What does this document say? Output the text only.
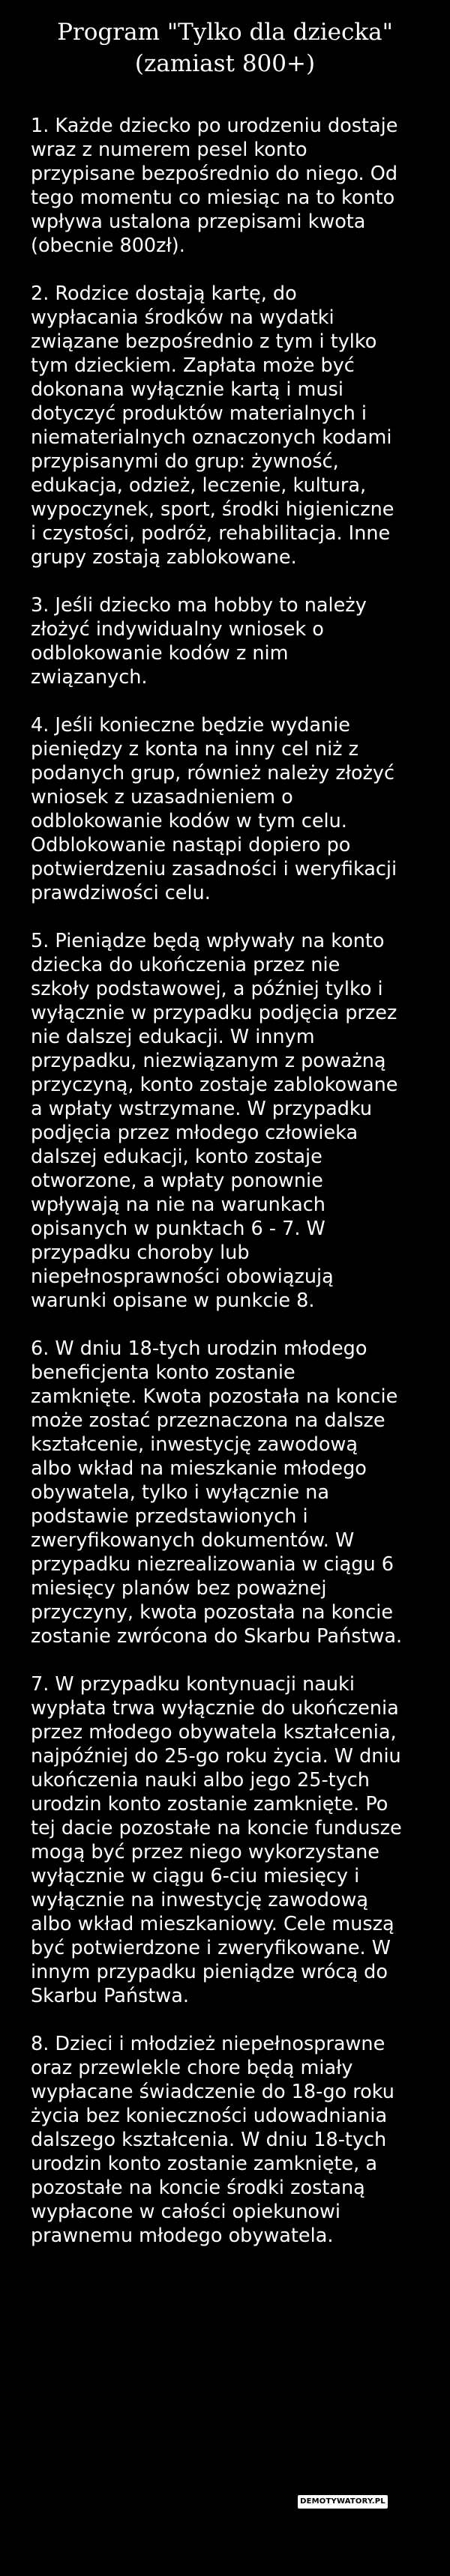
Program "Tylko dla dziecka"
(zamiast 800+)

1. Każde dziecko po urodzeniu dostaje wraz z numerem pesel konto przypisane bezpośrednio do niego. Od tego momentu co miesiąc na to konto wpływa ustalona przepisami kwota (obecnie 800zł).

2. Rodzice dostają kartę, do wypłacania środków na wydatki związane bezpośrednio z tym i tylko tym dzieckiem. Zapłata może być dokonana wyłącznie kartą i musi dotyczyć produktów materialnych i niematerialnych oznaczonych kodami przypisanymi do grup: żywność, edukacja, odzież, leczenie, kultura, wypoczynek, sport, środki higieniczne i czystości, podróż, rehabilitacja. Inne grupy zostają zablokowane.

3. Jeśli dziecko ma hobby to należy złożyć indywidualny wniosek o odblokowanie kodów z nim związanych.

4. Jeśli konieczne będzie wydanie pieniędzy z konta na inny cel niż z podanych grup, również należy złożyć wniosek z uzasadnieniem o odblokowanie kodów w tym celu. Odblokowanie nastąpi dopiero po potwierdzeniu zasadności i weryfikacji prawdziwości celu.

5. Pieniądze będą wpływały na konto dziecka do ukończenia przez nie szkoły podstawowej, a później tylko i wyłącznie w przypadku podjęcia przez nie dalszej edukacji. W innym przypadku, niezwiązanym z poważną przyczyną, konto zostaje zablokowane a wpłaty wstrzymane. W przypadku podjęcia przez młodego człowieka dalszej edukacji, konto zostaje otworzone, a wpłaty ponownie wpływają na nie na warunkach opisanych w punktach 6 - 7. W przypadku choroby lub niepełnosprawności obowiązują warunki opisane w punkcie 8.

6. W dniu 18-tych urodzin młodego beneficjenta konto zostanie zamknięte. Kwota pozostała na koncie może zostać przeznaczona na dalsze kształcenie, inwestycję zawodową albo wkład na mieszkanie młodego obywatela, tylko i wyłącznie na podstawie przedstawionych i zweryfikowanych dokumentów. W przypadku niezrealizowania w ciągu 6 miesięcy planów bez poważnej przyczyny, kwota pozostała na koncie zostanie zwrócona do Skarbu Państwa.

7. W przypadku kontynuacji nauki wypłata trwa wyłącznie do ukończenia przez młodego obywatela kształcenia, najpóźniej do 25-go roku życia. W dniu ukończenia nauki albo jego 25-tych urodzin konto zostanie zamknięte. Po tej dacie pozostałe na koncie fundusze mogą być przez niego wykorzystane wyłącznie w ciągu 6-ciu miesięcy i wyłącznie na inwestycję zawodową albo wkład mieszkaniowy. Cele muszą być potwierdzone i zweryfikowane. W innym przypadku pieniądze wrócą do Skarbu Państwa.

8. Dzieci i młodzież niepełnosprawne oraz przewlekle chore będą miały wypłacane świadczenie do 18-go roku życia bez konieczności udowadniania dalszego kształcenia. W dniu 18-tych urodzin konto zostanie zamknięte, a pozostałe na koncie środki zostaną wypłacone w całości opiekunowi prawnemu młodego obywatela.

DEMOTYWATORY.PL
